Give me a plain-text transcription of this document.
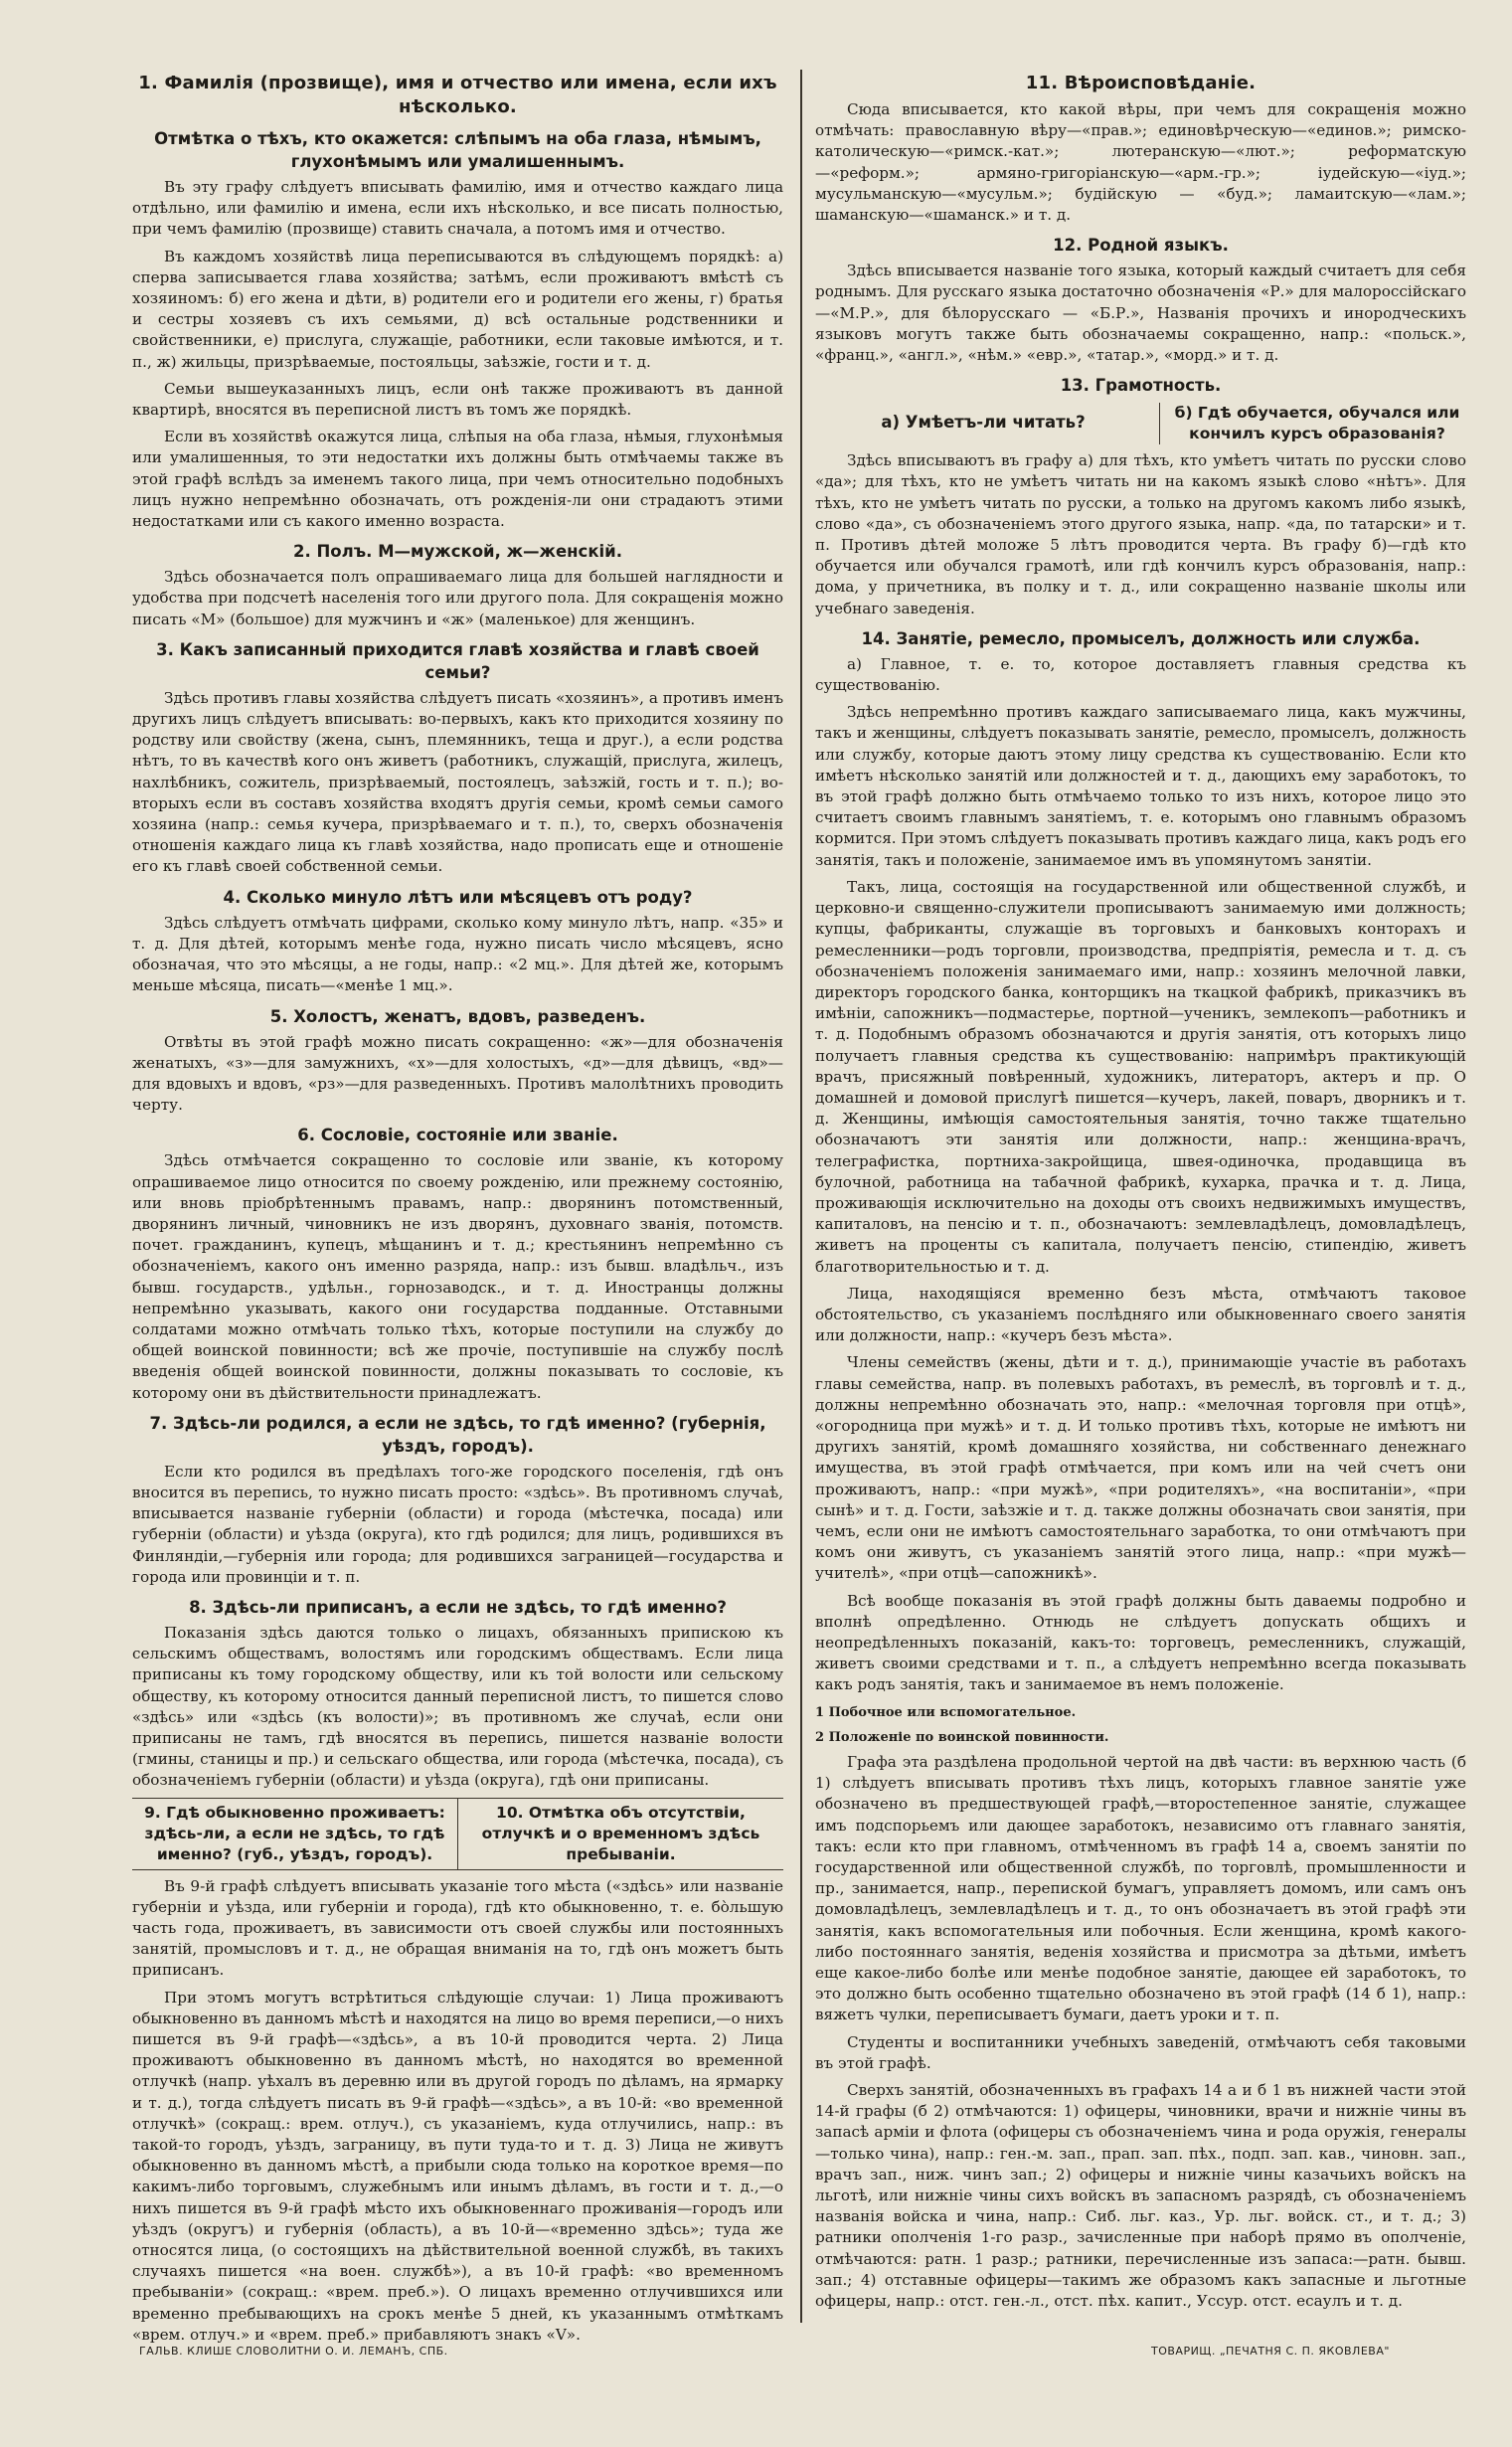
1. Фамилія (прозвище), имя и отчество или имена, если ихъ нѣсколько.
Отмѣтка о тѣхъ, кто окажется: слѣпымъ на оба глаза, нѣмымъ, глухонѣмымъ или умалишеннымъ.

Въ эту графу слѣдуетъ вписывать фамилію, имя и отчество каждаго лица отдѣльно, или фамилію и имена, если ихъ нѣсколько, и все писать полностью, при чемъ фамилію (прозвище) ставить сначала, а потомъ имя и отчество.

Въ каждомъ хозяйствѣ лица переписываются въ слѣдующемъ порядкѣ: а) сперва записывается глава хозяйства; затѣмъ, если проживаютъ вмѣстѣ съ хозяиномъ: б) его жена и дѣти, в) родители его и родители его жены, г) братья и сестры хозяевъ съ ихъ семьями, д) всѣ остальные родственники и свойственники, е) прислуга, служащіе, работники, если таковые имѣются, и т. п., ж) жильцы, призрѣваемые, постояльцы, заѣзжіе, гости и т. д.

Семьи вышеуказанныхъ лицъ, если онѣ также проживаютъ въ данной квартирѣ, вносятся въ переписной листъ въ томъ же порядкѣ.

Если въ хозяйствѣ окажутся лица, слѣпыя на оба глаза, нѣмыя, глухонѣмыя или умалишенныя, то эти недостатки ихъ должны быть отмѣчаемы также въ этой графѣ вслѣдъ за именемъ такого лица, при чемъ относительно подобныхъ лицъ нужно непремѣнно обозначать, отъ рожденія-ли они страдаютъ этими недостатками или съ какого именно возраста.

2. Полъ. М—мужской, ж—женскій.

Здѣсь обозначается полъ опрашиваемаго лица для большей наглядности и удобства при подсчетѣ населенія того или другого пола. Для сокращенія можно писать «М» (большое) для мужчинъ и «ж» (маленькое) для женщинъ.

3. Какъ записанный приходится главѣ хозяйства и главѣ своей семьи?

Здѣсь противъ главы хозяйства слѣдуетъ писать «хозяинъ», а противъ именъ другихъ лицъ слѣдуетъ вписывать: во-первыхъ, какъ кто приходится хозяину по родству или свойству (жена, сынъ, племянникъ, теща и друг.), а если родства нѣтъ, то въ качествѣ кого онъ живетъ (работникъ, служащій, прислуга, жилецъ, нахлѣбникъ, сожитель, призрѣваемый, постоялецъ, заѣзжій, гость и т. п.); во-вторыхъ если въ составъ хозяйства входятъ другія семьи, кромѣ семьи самого хозяина (напр.: семья кучера, призрѣваемаго и т. п.), то, сверхъ обозначенія отношенія каждаго лица къ главѣ хозяйства, надо прописать еще и отношеніе его къ главѣ своей собственной семьи.

4. Сколько минуло лѣтъ или мѣсяцевъ отъ роду?

Здѣсь слѣдуетъ отмѣчать цифрами, сколько кому минуло лѣтъ, напр. «35» и т. д. Для дѣтей, которымъ менѣе года, нужно писать число мѣсяцевъ, ясно обозначая, что это мѣсяцы, а не годы, напр.: «2 мц.». Для дѣтей же, которымъ меньше мѣсяца, писать—«менѣе 1 мц.».

5. Холостъ, женатъ, вдовъ, разведенъ.

Отвѣты въ этой графѣ можно писать сокращенно: «ж»—для обозначенія женатыхъ, «з»—для замужнихъ, «х»—для холостыхъ, «д»—для дѣвицъ, «вд»—для вдовыхъ и вдовъ, «рз»—для разведенныхъ. Противъ малолѣтнихъ проводить черту.

6. Сословіе, состояніе или званіе.

Здѣсь отмѣчается сокращенно то сословіе или званіе, къ которому опрашиваемое лицо относится по своему рожденію, или прежнему состоянію, или вновь пріобрѣтеннымъ правамъ, напр.: дворянинъ потомственный, дворянинъ личный, чиновникъ не изъ дворянъ, духовнаго званія, потомств. почет. гражданинъ, купецъ, мѣщанинъ и т. д.; крестьянинъ непремѣнно съ обозначеніемъ, какого онъ именно разряда, напр.: изъ бывш. владѣльч., изъ бывш. государств., удѣльн., горнозаводск., и т. д. Иностранцы должны непремѣнно указывать, какого они государства подданные. Отставными солдатами можно отмѣчать только тѣхъ, которые поступили на службу до общей воинской повинности; всѣ же прочіе, поступившіе на службу послѣ введенія общей воинской повинности, должны показывать то сословіе, къ которому они въ дѣйствительности принадлежатъ.

7. Здѣсь-ли родился, а если не здѣсь, то гдѣ именно? (губернія, уѣздъ, городъ).

Если кто родился въ предѣлахъ того-же городского поселенія, гдѣ онъ вносится въ перепись, то нужно писать просто: «здѣсь». Въ противномъ случаѣ, вписывается названіе губерніи (области) и города (мѣстечка, посада) или губерніи (области) и уѣзда (округа), кто гдѣ родился; для лицъ, родившихся въ Финляндіи,—губернія или города; для родившихся заграницей—государства и города или провинціи и т. п.

8. Здѣсь-ли приписанъ, а если не здѣсь, то гдѣ именно?

Показанія здѣсь даются только о лицахъ, обязанныхъ припискою къ сельскимъ обществамъ, волостямъ или городскимъ обществамъ. Если лица приписаны къ тому городскому обществу, или къ той волости или сельскому обществу, къ которому относится данный переписной листъ, то пишется слово «здѣсь» или «здѣсь (къ волости)»; въ противномъ же случаѣ, если они приписаны не тамъ, гдѣ вносятся въ перепись, пишется названіе волости (гмины, станицы и пр.) и сельскаго общества, или города (мѣстечка, посада), съ обозначеніемъ губерніи (области) и уѣзда (округа), гдѣ они приписаны.

9. Гдѣ обыкновенно проживаетъ: здѣсь-ли, а если не здѣсь, то гдѣ именно? (губ., уѣздъ, городъ).
10. Отмѣтка объ отсутствіи, отлучкѣ и о временномъ здѣсь пребываніи.

Въ 9-й графѣ слѣдуетъ вписывать указаніе того мѣста («здѣсь» или названіе губерніи и уѣзда, или губерніи и города), гдѣ кто обыкновенно, т. е. бо̀льшую часть года, проживаетъ, въ зависимости отъ своей службы или постоянныхъ занятій, промысловъ и т. д., не обращая вниманія на то, гдѣ онъ можетъ быть приписанъ.

При этомъ могутъ встрѣтиться слѣдующіе случаи: 1) Лица проживаютъ обыкновенно въ данномъ мѣстѣ и находятся на лицо во время переписи,—о нихъ пишется въ 9-й графѣ—«здѣсь», а въ 10-й проводится черта. 2) Лица проживаютъ обыкновенно въ данномъ мѣстѣ, но находятся во временной отлучкѣ (напр. уѣхалъ въ деревню или въ другой городъ по дѣламъ, на ярмарку и т. д.), тогда слѣдуетъ писать въ 9-й графѣ—«здѣсь», а въ 10-й: «во временной отлучкѣ» (сокращ.: врем. отлуч.), съ указаніемъ, куда отлучились, напр.: въ такой-то городъ, уѣздъ, заграницу, въ пути туда-то и т. д. 3) Лица не живутъ обыкновенно въ данномъ мѣстѣ, а прибыли сюда только на короткое время—по какимъ-либо торговымъ, служебнымъ или инымъ дѣламъ, въ гости и т. д.,—о нихъ пишется въ 9-й графѣ мѣсто ихъ обыкновеннаго проживанія—городъ или уѣздъ (округъ) и губернія (область), а въ 10-й—«временно здѣсь»; туда же относятся лица, (о состоящихъ на дѣйствительной военной службѣ, въ такихъ случаяхъ пишется «на воен. службѣ»), а въ 10-й графѣ: «во временномъ пребываніи» (сокращ.: «врем. преб.»). О лицахъ временно отлучившихся или временно пребывающихъ на срокъ менѣе 5 дней, къ указаннымъ отмѣткамъ «врем. отлуч.» и «врем. преб.» прибавляютъ знакъ «V».

11. Вѣроисповѣданіе.

Сюда вписывается, кто какой вѣры, при чемъ для сокращенія можно отмѣчать: православную вѣру—«прав.»; единовѣрческую—«единов.»; римско-католическую—«римск.-кат.»; лютеранскую—«лют.»; реформатскую—«реформ.»; армяно-григоріанскую—«арм.-гр.»; іудейскую—«іуд.»; мусульманскую—«мусульм.»; будійскую — «буд.»; ламаитскую—«лам.»; шаманскую—«шаманск.» и т. д.

12. Родной языкъ.

Здѣсь вписывается названіе того языка, который каждый считаетъ для себя роднымъ. Для русскаго языка достаточно обозначенія «Р.» для малороссійскаго—«М.Р.», для бѣлорусскаго — «Б.Р.», Названія прочихъ и инородческихъ языковъ могутъ также быть обозначаемы сокращенно, напр.: «польск.», «франц.», «англ.», «нѣм.» «евр.», «татар.», «морд.» и т. д.

13. Грамотность.
а) Умѣетъ-ли читать?	б) Гдѣ обучается, обучался или кончилъ курсъ образованія?

Здѣсь вписываютъ въ графу а) для тѣхъ, кто умѣетъ читать по русски слово «да»; для тѣхъ, кто не умѣетъ читать ни на какомъ языкѣ слово «нѣтъ». Для тѣхъ, кто не умѣетъ читать по русски, а только на другомъ какомъ либо языкѣ, слово «да», съ обозначеніемъ этого другого языка, напр. «да, по татарски» и т. п. Противъ дѣтей моложе 5 лѣтъ проводится черта. Въ графу б)—гдѣ кто обучается или обучался грамотѣ, или гдѣ кончилъ курсъ образованія, напр.: дома, у причетника, въ полку и т. д., или сокращенно названіе школы или учебнаго заведенія.

14. Занятіе, ремесло, промыселъ, должность или служба.

а) Главное, т. е. то, которое доставляетъ главныя средства къ существованію.

Здѣсь непремѣнно противъ каждаго записываемаго лица, какъ мужчины, такъ и женщины, слѣдуетъ показывать занятіе, ремесло, промыселъ, должность или службу, которые даютъ этому лицу средства къ существованію. Если кто имѣетъ нѣсколько занятій или должностей и т. д., дающихъ ему заработокъ, то въ этой графѣ должно быть отмѣчаемо только то изъ нихъ, которое лицо это считаетъ своимъ главнымъ занятіемъ, т. е. которымъ оно главнымъ образомъ кормится. При этомъ слѣдуетъ показывать противъ каждаго лица, какъ родъ его занятія, такъ и положеніе, занимаемое имъ въ упомянутомъ занятіи.

Такъ, лица, состоящія на государственной или общественной службѣ, и церковно-и священно-служители прописываютъ занимаемую ими должность; купцы, фабриканты, служащіе въ торговыхъ и банковыхъ конторахъ и ремесленники—родъ торговли, производства, предпріятія, ремесла и т. д. съ обозначеніемъ положенія занимаемаго ими, напр.: хозяинъ мелочной лавки, директоръ городского банка, конторщикъ на ткацкой фабрикѣ, приказчикъ въ имѣніи, сапожникъ—подмастерье, портной—ученикъ, землекопъ—работникъ и т. д. Подобнымъ образомъ обозначаются и другія занятія, отъ которыхъ лицо получаетъ главныя средства къ существованію: напримѣръ практикующій врачъ, присяжный повѣренный, художникъ, литераторъ, актеръ и пр. О домашней и домовой прислугѣ пишется—кучеръ, лакей, поваръ, дворникъ и т. д. Женщины, имѣющія самостоятельныя занятія, точно также тщательно обозначаютъ эти занятія или должности, напр.: женщина-врачъ, телеграфистка, портниха-закройщица, швея-одиночка, продавщица въ булочной, работница на табачной фабрикѣ, кухарка, прачка и т. д. Лица, проживающія исключительно на доходы отъ своихъ недвижимыхъ имуществъ, капиталовъ, на пенсію и т. п., обозначаютъ: землевладѣлецъ, домовладѣлецъ, живетъ на проценты съ капитала, получаетъ пенсію, стипендію, живетъ благотворительностью и т. д.

Лица, находящіяся временно безъ мѣста, отмѣчаютъ таковое обстоятельство, съ указаніемъ послѣдняго или обыкновеннаго своего занятія или должности, напр.: «кучеръ безъ мѣста».

Члены семействъ (жены, дѣти и т. д.), принимающіе участіе въ работахъ главы семейства, напр. въ полевыхъ работахъ, въ ремеслѣ, въ торговлѣ и т. д., должны непремѣнно обозначать это, напр.: «мелочная торговля при отцѣ», «огородница при мужѣ» и т. д. И только противъ тѣхъ, которые не имѣютъ ни другихъ занятій, кромѣ домашняго хозяйства, ни собственнаго денежнаго имущества, въ этой графѣ отмѣчается, при комъ или на чей счетъ они проживаютъ, напр.: «при мужѣ», «при родителяхъ», «на воспитаніи», «при сынѣ» и т. д. Гости, заѣзжіе и т. д. также должны обозначать свои занятія, при чемъ, если они не имѣютъ самостоятельнаго заработка, то они отмѣчаютъ при комъ они живутъ, съ указаніемъ занятій этого лица, напр.: «при мужѣ—учителѣ», «при отцѣ—сапожникѣ».

Всѣ вообще показанія въ этой графѣ должны быть даваемы подробно и вполнѣ опредѣленно. Отнюдь не слѣдуетъ допускать общихъ и неопредѣленныхъ показаній, какъ-то: торговецъ, ремесленникъ, служащій, живетъ своими средствами и т. п., а слѣдуетъ непремѣнно всегда показывать какъ родъ занятія, такъ и занимаемое въ немъ положеніе.

1 Побочное или вспомогательное.

2 Положеніе по воинской повинности.

Графа эта раздѣлена продольной чертой на двѣ части: въ верхнюю часть (б 1) слѣдуетъ вписывать противъ тѣхъ лицъ, которыхъ главное занятіе уже обозначено въ предшествующей графѣ,—второстепенное занятіе, служащее имъ подспорьемъ или дающее заработокъ, независимо отъ главнаго занятія, такъ: если кто при главномъ, отмѣченномъ въ графѣ 14 а, своемъ занятіи по государственной или общественной службѣ, по торговлѣ, промышленности и пр., занимается, напр., перепиской бумагъ, управляетъ домомъ, или самъ онъ домовладѣлецъ, землевладѣлецъ и т. д., то онъ обозначаетъ въ этой графѣ эти занятія, какъ вспомогательныя или побочныя. Если женщина, кромѣ какого-либо постояннаго занятія, веденія хозяйства и присмотра за дѣтьми, имѣетъ еще какое-либо болѣе или менѣе подобное занятіе, дающее ей заработокъ, то это должно быть особенно тщательно обозначено въ этой графѣ (14 б 1), напр.: вяжетъ чулки, переписываетъ бумаги, даетъ уроки и т. п.

Студенты и воспитанники учебныхъ заведеній, отмѣчаютъ себя таковыми въ этой графѣ.

Сверхъ занятій, обозначенныхъ въ графахъ 14 а и б 1 въ нижней части этой 14-й графы (б 2) отмѣчаются: 1) офицеры, чиновники, врачи и нижніе чины въ запасѣ арміи и флота (офицеры съ обозначеніемъ чина и рода оружія, генералы—только чина), напр.: ген.-м. зап., прап. зап. пѣх., подп. зап. кав., чиновн. зап., врачъ зап., ниж. чинъ зап.; 2) офицеры и нижніе чины казачьихъ войскъ на льготѣ, или нижніе чины сихъ войскъ въ запасномъ разрядѣ, съ обозначеніемъ названія войска и чина, напр.: Сиб. льг. каз., Ур. льг. войск. ст., и т. д.; 3) ратники ополченія 1-го разр., зачисленные при наборѣ прямо въ ополченіе, отмѣчаются: ратн. 1 разр.; ратники, перечисленные изъ запаса:—ратн. бывш. зап.; 4) отставные офицеры—такимъ же образомъ какъ запасные и льготные офицеры, напр.: отст. ген.-л., отст. пѣх. капит., Уссур. отст. есаулъ и т. д.

ГАЛЬВ. КЛИШЕ СЛОВОЛИТНИ О. И. ЛЕМАНЪ, СПБ.	ТОВАРИЩ. „ПЕЧАТНЯ С. П. ЯКОВЛЕВА"
